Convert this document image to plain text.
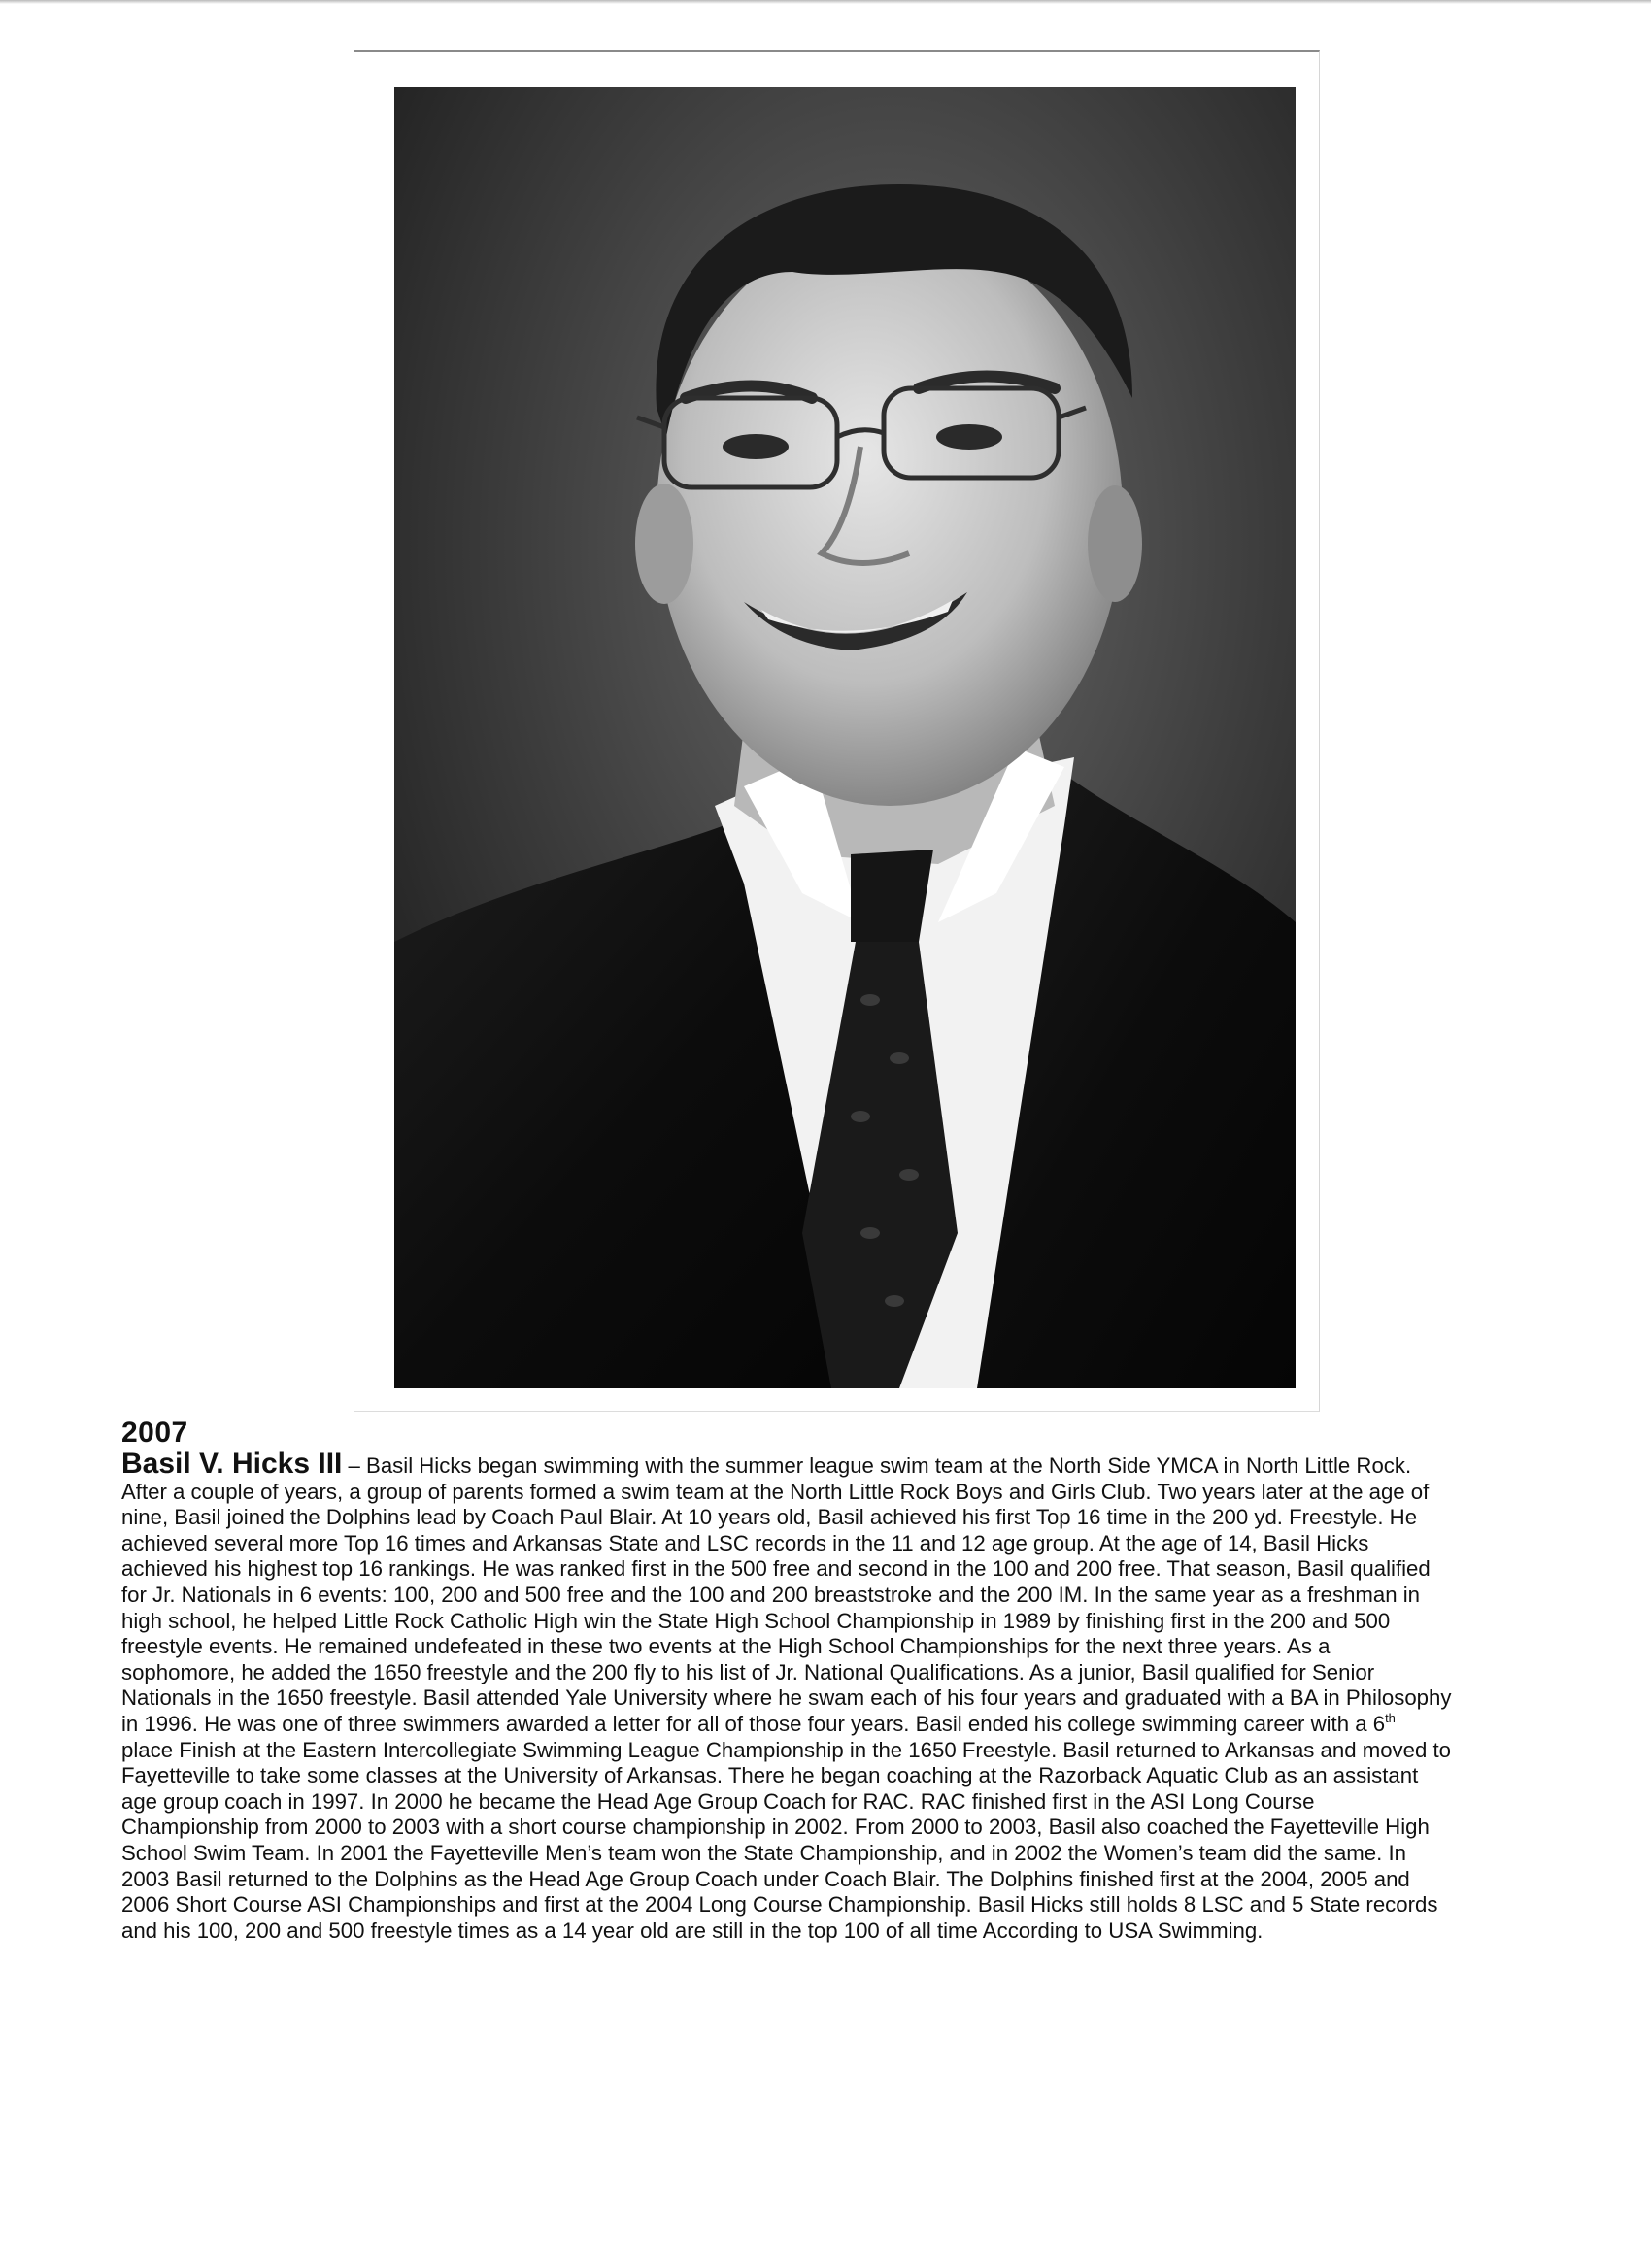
2007

Basil V. Hicks III – Basil Hicks began swimming with the summer league swim team at the North Side YMCA in North Little Rock.
After a couple of years, a group of parents formed a swim team at the North Little Rock Boys and Girls Club. Two years later at the age of
nine, Basil joined the Dolphins lead by Coach Paul Blair. At 10 years old, Basil achieved his first Top 16 time in the 200 yd. Freestyle. He
achieved several more Top 16 times and Arkansas State and LSC records in the 11 and 12 age group. At the age of 14, Basil Hicks
achieved his highest top 16 rankings. He was ranked first in the 500 free and second in the 100 and 200 free. That season, Basil qualified
for Jr. Nationals in 6 events: 100, 200 and 500 free and the 100 and 200 breaststroke and the 200 IM. In the same year as a freshman in
high school, he helped Little Rock Catholic High win the State High School Championship in 1989 by finishing first in the 200 and 500
freestyle events. He remained undefeated in these two events at the High School Championships for the next three years. As a
sophomore, he added the 1650 freestyle and the 200 fly to his list of Jr. National Qualifications. As a junior, Basil qualified for Senior
Nationals in the 1650 freestyle. Basil attended Yale University where he swam each of his four years and graduated with a BA in Philosophy
in 1996. He was one of three swimmers awarded a letter for all of those four years. Basil ended his college swimming career with a 6th
place Finish at the Eastern Intercollegiate Swimming League Championship in the 1650 Freestyle. Basil returned to Arkansas and moved to
Fayetteville to take some classes at the University of Arkansas. There he began coaching at the Razorback Aquatic Club as an assistant
age group coach in 1997. In 2000 he became the Head Age Group Coach for RAC. RAC finished first in the ASI Long Course
Championship from 2000 to 2003 with a short course championship in 2002. From 2000 to 2003, Basil also coached the Fayetteville High
School Swim Team. In 2001 the Fayetteville Men’s team won the State Championship, and in 2002 the Women’s team did the same. In
2003 Basil returned to the Dolphins as the Head Age Group Coach under Coach Blair. The Dolphins finished first at the 2004, 2005 and
2006 Short Course ASI Championships and first at the 2004 Long Course Championship. Basil Hicks still holds 8 LSC and 5 State records
and his 100, 200 and 500 freestyle times as a 14 year old are still in the top 100 of all time According to USA Swimming.
